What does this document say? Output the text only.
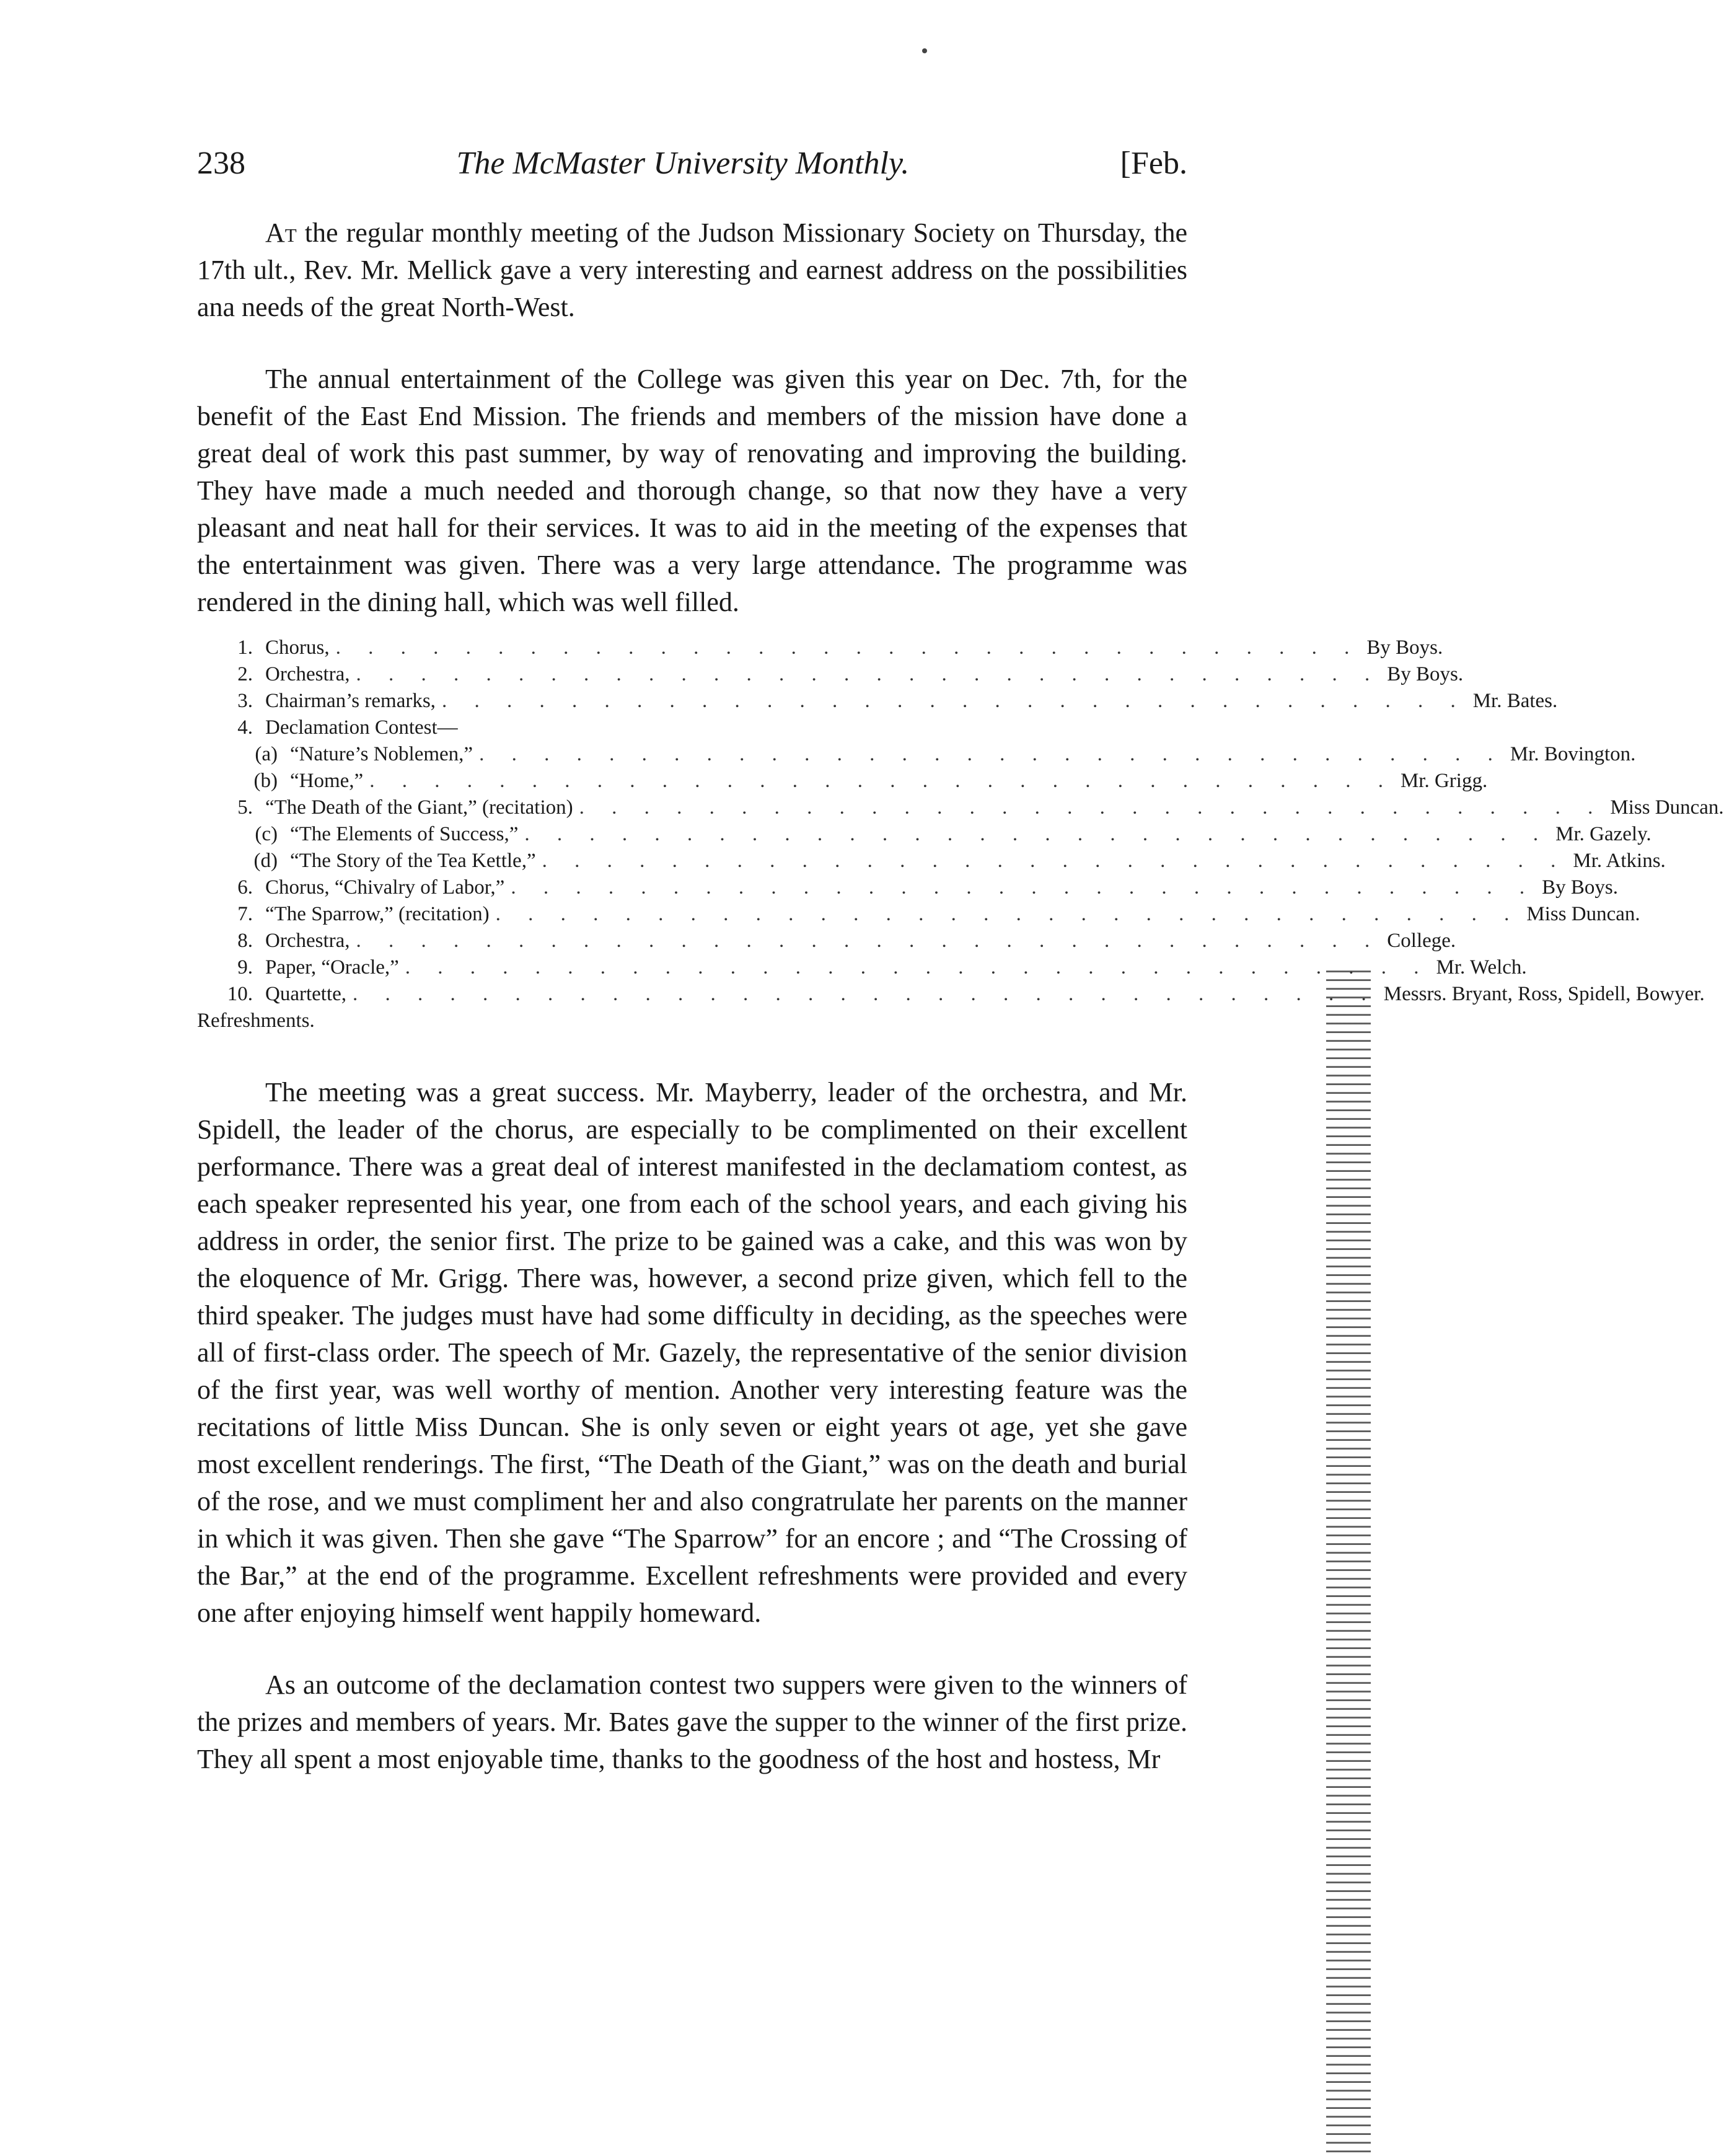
238	The McMaster University Monthly.	[Feb.

At the regular monthly meeting of the Judson Missionary Society on Thursday, the 17th ult., Rev. Mr. Mellick gave a very interesting and earnest address on the possibilities ana needs of the great North-West.

The annual entertainment of the College was given this year on Dec. 7th, for the benefit of the East End Mission. The friends and members of the mission have done a great deal of work this past summer, by way of renovating and improving the building. They have made a much needed and thorough change, so that now they have a very pleasant and neat hall for their services. It was to aid in the meeting of the expenses that the entertainment was given. There was a very large attendance. The programme was rendered in the dining hall, which was well filled.

1. Chorus, . . . . . . . . . . . . . . . . . . . . . . . . . . . . . . . . By Boys.
2. Orchestra, . . . . . . . . . . . . . . . . . . . . . . . . . . . . . . . . By Boys.
3. Chairman’s remarks, . . . . . . . . . . . . . . . . . . . . . . . . . . . . . . . . Mr. Bates.
4. Declamation Contest—
(a) “Nature’s Noblemen,” . . . . . . . . . . . . . . . . . . . . . . . . . . . . . . . . Mr. Bovington.
(b) “Home,” . . . . . . . . . . . . . . . . . . . . . . . . . . . . . . . . Mr. Grigg.
5. “The Death of the Giant,” (recitation) . . . . . . . . . . . . . . . . . . . . . . . . . . . . . . . . Miss Duncan.
(c) “The Elements of Success,” . . . . . . . . . . . . . . . . . . . . . . . . . . . . . . . . Mr. Gazely.
(d) “The Story of the Tea Kettle,” . . . . . . . . . . . . . . . . . . . . . . . . . . . . . . . . Mr. Atkins.
6. Chorus, “Chivalry of Labor,” . . . . . . . . . . . . . . . . . . . . . . . . . . . . . . . . By Boys.
7. “The Sparrow,” (recitation) . . . . . . . . . . . . . . . . . . . . . . . . . . . . . . . . Miss Duncan.
8. Orchestra, . . . . . . . . . . . . . . . . . . . . . . . . . . . . . . . . College.
9. Paper, “Oracle,” . . . . . . . . . . . . . . . . . . . . . . . . . . . . . . . . Mr. Welch.
10. Quartette, . . . . . . . . . . . . . . . . . . . . . . . . . . . . . . . . Messrs. Bryant, Ross, Spidell, Bowyer.
Refreshments.

The meeting was a great success. Mr. Mayberry, leader of the orchestra, and Mr. Spidell, the leader of the chorus, are especially to be complimented on their excellent performance. There was a great deal of interest manifested in the declamatiom contest, as each speaker represented his year, one from each of the school years, and each giving his address in order, the senior first. The prize to be gained was a cake, and this was won by the eloquence of Mr. Grigg. There was, however, a second prize given, which fell to the third speaker. The judges must have had some difficulty in deciding, as the speeches were all of first-class order. The speech of Mr. Gazely, the representative of the senior division of the first year, was well worthy of mention. Another very interesting feature was the recitations of little Miss Duncan. She is only seven or eight years ot age, yet she gave most excellent renderings. The first, “The Death of the Giant,” was on the death and burial of the rose, and we must compliment her and also congratrulate her parents on the manner in which it was given. Then she gave “The Sparrow” for an encore ; and “The Crossing of the Bar,” at the end of the programme. Excellent refreshments were provided and every one after enjoying himself went happily homeward.

As an outcome of the declamation contest two suppers were given to the winners of the prizes and members of years. Mr. Bates gave the supper to the winner of the first prize. They all spent a most enjoyable time, thanks to the goodness of the host and hostess, Mr
